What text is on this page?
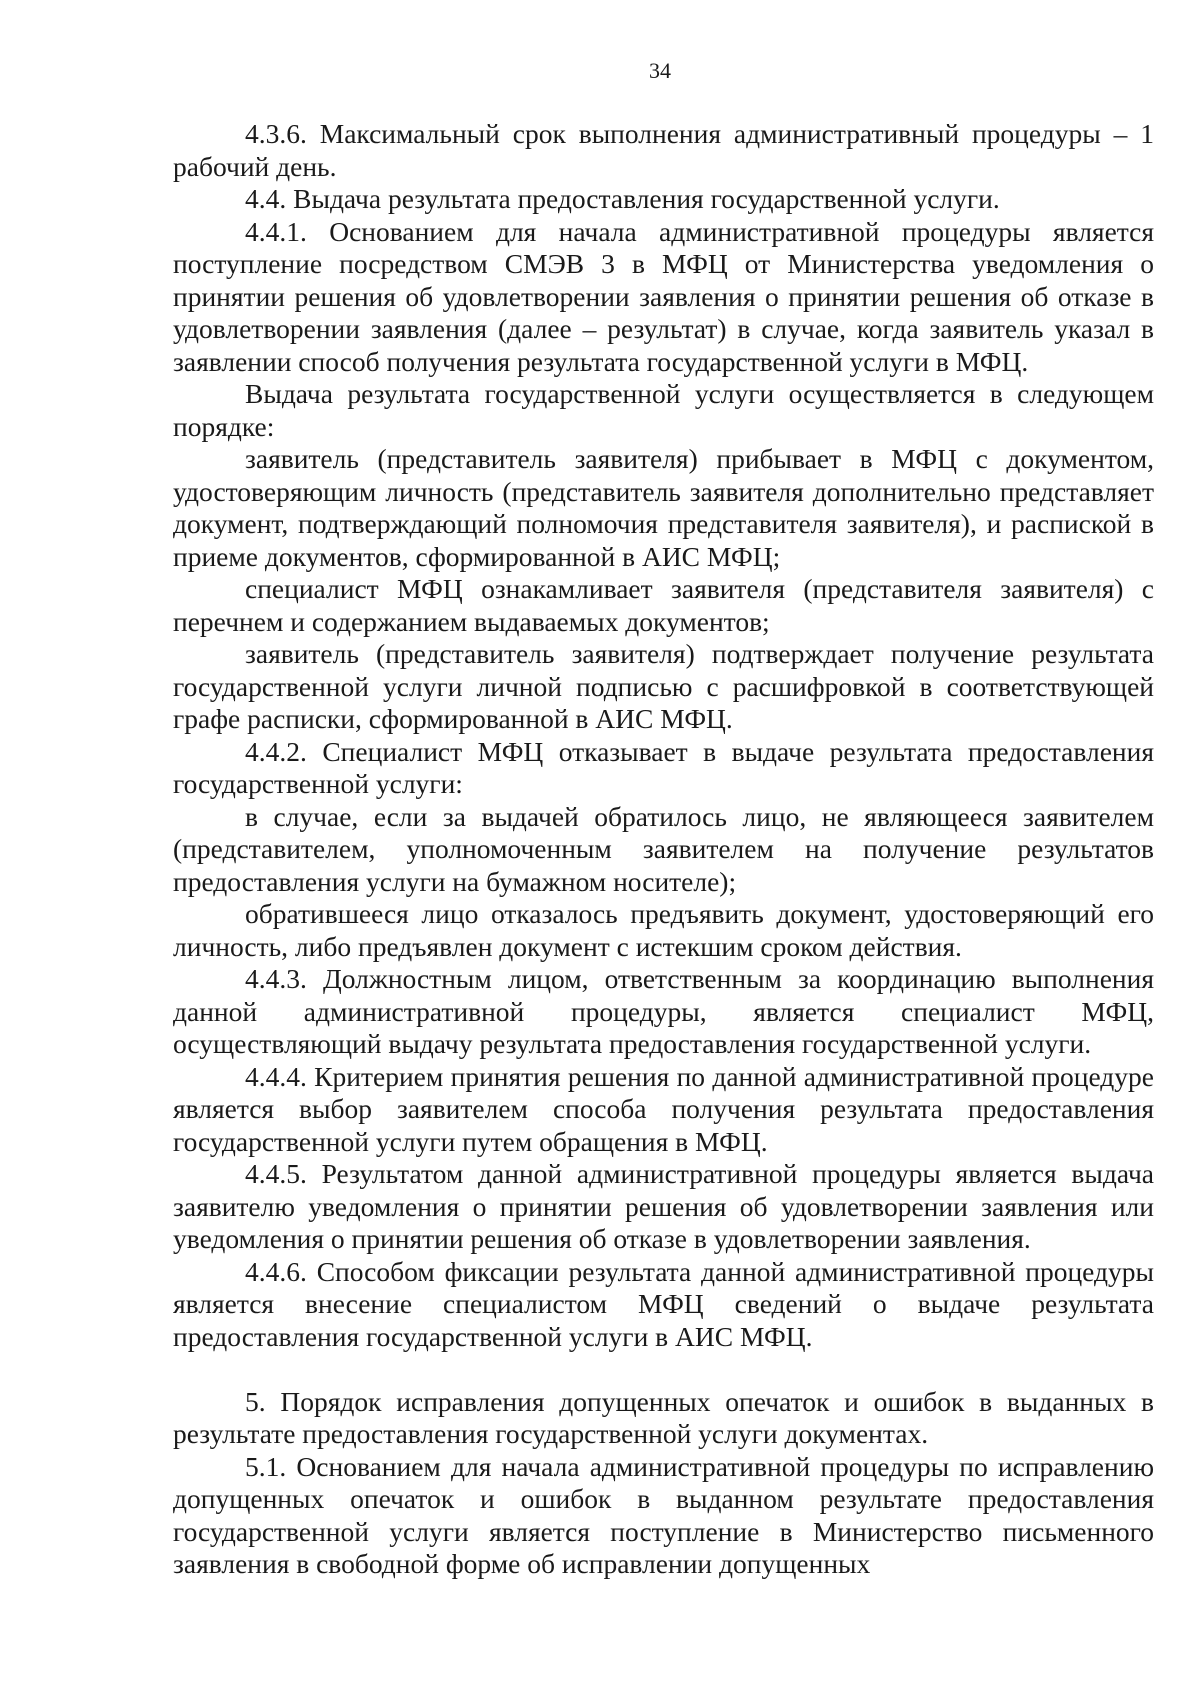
34

4.3.6. Максимальный срок выполнения административный процедуры – 1 рабочий день.

4.4. Выдача результата предоставления государственной услуги.

4.4.1. Основанием для начала административной процедуры является поступление посредством СМЭВ 3 в МФЦ от Министерства уведомления о принятии решения об удовлетворении заявления о принятии решения об отказе в удовлетворении заявления (далее – результат) в случае, когда заявитель указал в заявлении способ получения результата государственной услуги в МФЦ.

Выдача результата государственной услуги осуществляется в следующем порядке:

заявитель (представитель заявителя) прибывает в МФЦ с документом, удостоверяющим личность (представитель заявителя дополнительно представляет документ, подтверждающий полномочия представителя заявителя), и распиской в приеме документов, сформированной в АИС МФЦ;

специалист МФЦ ознакамливает заявителя (представителя заявителя) с перечнем и содержанием выдаваемых документов;

заявитель (представитель заявителя) подтверждает получение результата государственной услуги личной подписью с расшифровкой в соответствующей графе расписки, сформированной в АИС МФЦ.

4.4.2. Специалист МФЦ отказывает в выдаче результата предоставления государственной услуги:

в случае, если за выдачей обратилось лицо, не являющееся заявителем (представителем, уполномоченным заявителем на получение результатов предоставления услуги на бумажном носителе);

обратившееся лицо отказалось предъявить документ, удостоверяющий его личность, либо предъявлен документ с истекшим сроком действия.

4.4.3. Должностным лицом, ответственным за координацию выполнения данной административной процедуры, является специалист МФЦ, осуществляющий выдачу результата предоставления государственной услуги.

4.4.4. Критерием принятия решения по данной административной процедуре является выбор заявителем способа получения результата предоставления государственной услуги путем обращения в МФЦ.

4.4.5. Результатом данной административной процедуры является выдача заявителю уведомления о принятии решения об удовлетворении заявления или уведомления о принятии решения об отказе в удовлетворении заявления.

4.4.6. Способом фиксации результата данной административной процедуры является внесение специалистом МФЦ сведений о выдаче результата предоставления государственной услуги в АИС МФЦ.

5. Порядок исправления допущенных опечаток и ошибок в выданных в результате предоставления государственной услуги документах.

5.1. Основанием для начала административной процедуры по исправлению допущенных опечаток и ошибок в выданном результате предоставления государственной услуги является поступление в Министерство письменного заявления в свободной форме об исправлении допущенных
